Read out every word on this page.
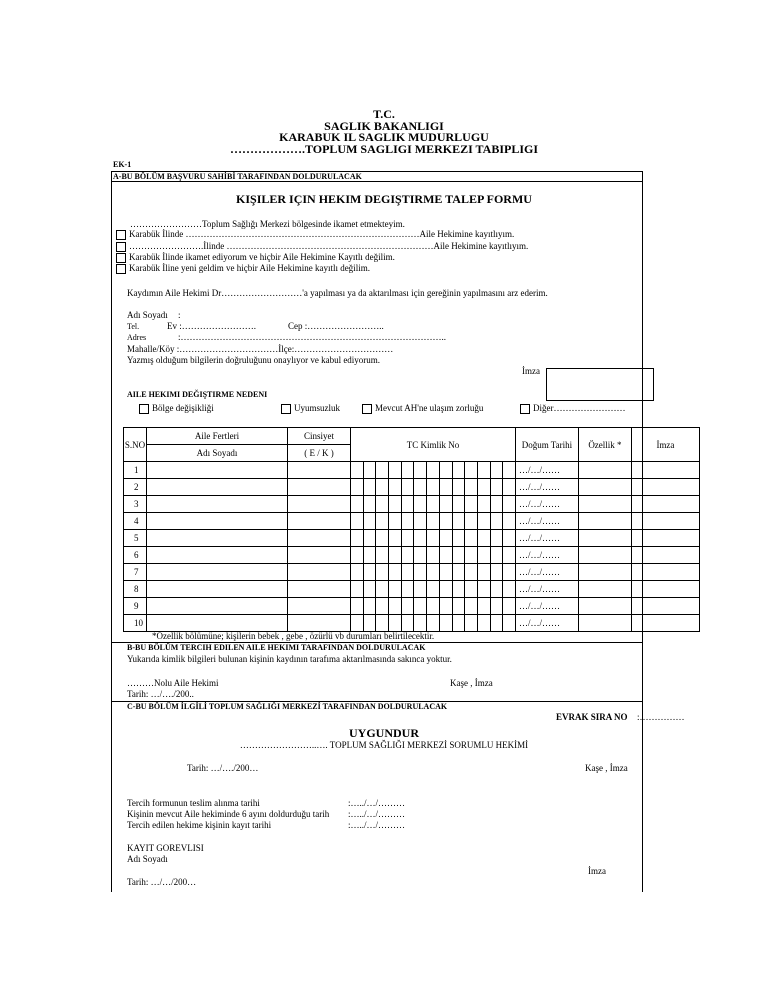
T.C.
SAGLIK BAKANLIGI
KARABUK IL SAGLIK MUDURLUGU
……………….TOPLUM SAGLIGI MERKEZI TABIPLIGI
EK-1
A-BU BÖLÜM BAŞVURU SAHİBİ TARAFINDAN DOLDURULACAK
KIŞILER IÇIN HEKIM DEGIŞTIRME TALEP FORMU
……………………Toplum Sağlığı Merkezi bölgesinde ikamet etmekteyim.
Karabük İlinde ……………………………………………………………………Aile Hekimine kayıtlıyım.
…………………….İlinde ……………………………………………………………Aile Hekimine kayıtlıyım.
Karabük İlinde ikamet ediyorum ve hiçbir Aile Hekimine Kayıtlı değilim.
Karabük İline yeni geldim ve hiçbir Aile Hekimine kayıtlı değilim.
Kaydımın Aile Hekimi Dr………………………'a yapılması ya da aktarılması için gereğinin yapılmasını arz ederim.
Adı Soyadı :
Tel.	Ev :…………………….	Cep :……………………..
Adres	:……………………………………………………………………………..
Mahalle/Köy :……………………………İlçe:……………………………
Yazmış olduğum bilgilerin doğruluğunu onaylıyor ve kabul ediyorum.
İmza
AILE HEKIMI DEĞIŞTIRME NEDENI
Bölge değişikliği	Uyumsuzluk	Mevcut AH'ne ulaşım zorluğu	Diğer……………………
S.NO	Aile Fertleri	Cinsiyet	TC Kimlik No													Doğum Tarihi	Özellik *	İmza
	Adı Soyadı	( E / K )																
1																…/…/……		
2																…/…/……		
3																…/…/……		
4																…/…/……		
5																…/…/……		
6																…/…/……		
7																…/…/……		
8																…/…/……		
9																…/…/……		
10																…/…/……		
*Özellik bölümüne; kişilerin bebek , gebe , özürlü vb durumları belirtilecektir.
B-BU BÖLÜM TERCIH EDILEN AILE HEKIMI TARAFINDAN DOLDURULACAK
Yukarıda kimlik bilgileri bulunan kişinin kaydının tarafıma aktarılmasında sakınca yoktur.
………Nolu Aile Hekimi	Kaşe , İmza
Tarih: …/…./200..
C-BU BÖLÜM İLGİLİ TOPLUM SAĞLIĞI MERKEZİ TARAFINDAN DOLDURULACAK
EVRAK SIRA NO :……………
UYGUNDUR
……………………..…. TOPLUM SAĞLIĞI MERKEZİ SORUMLU HEKİMİ
Tarih: …/…./200…	Kaşe , İmza
Tercih formunun teslim alınma tarihi	:…../…/………
Kişinin mevcut Aile hekiminde 6 ayını doldurduğu tarih :…../…/………
Tercih edilen hekime kişinin kayıt tarihi	:…../…/………
KAYIT GOREVLISI
Adı Soyadı
İmza
Tarih: …/…/200…
